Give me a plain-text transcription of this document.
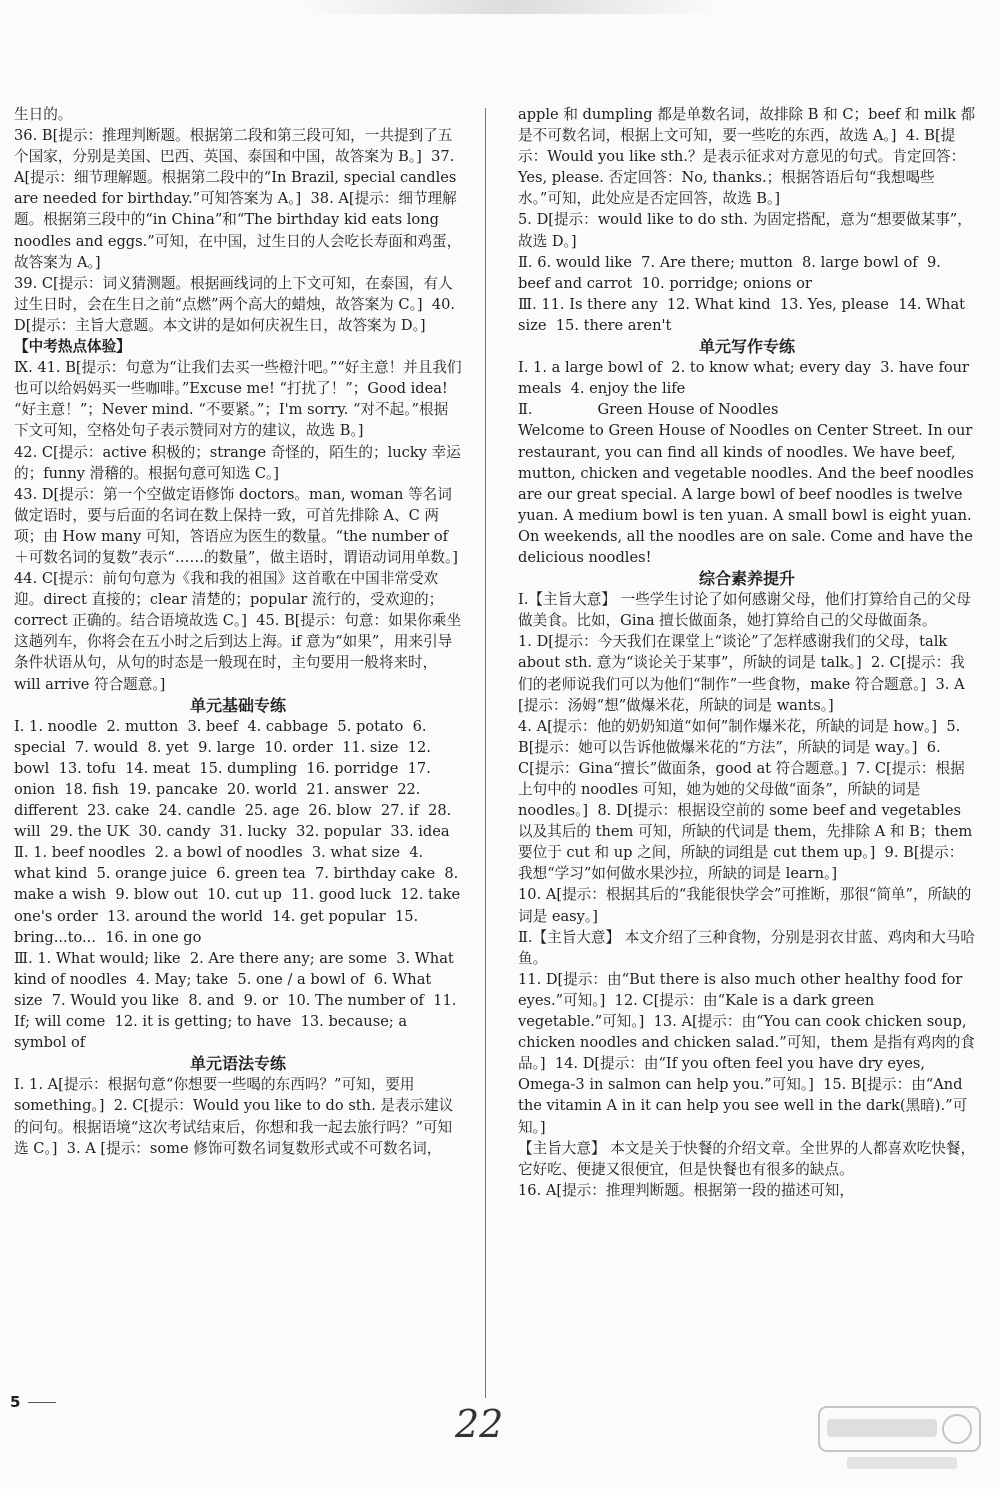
生日的。

36. B[提示：推理判断题。根据第二段和第三段可知，一共提到了五个国家，分别是美国、巴西、英国、泰国和中国，故答案为 B。]  37. A[提示：细节理解题。根据第二段中的“In Brazil, special candles are needed for birthday.”可知答案为 A。]  38. A[提示：细节理解题。根据第三段中的“in China”和“The birthday kid eats long noodles and eggs.”可知，在中国，过生日的人会吃长寿面和鸡蛋，故答案为 A。]

39. C[提示：词义猜测题。根据画线词的上下文可知，在泰国，有人过生日时，会在生日之前“点燃”两个高大的蜡烛，故答案为 C。]  40. D[提示：主旨大意题。本文讲的是如何庆祝生日，故答案为 D。]

【中考热点体验】

Ⅸ. 41. B[提示：句意为“让我们去买一些橙汁吧。”“好主意！并且我们也可以给妈妈买一些咖啡。”Excuse me! “打扰了！”；Good idea! “好主意！”；Never mind. “不要紧。”；I'm sorry. “对不起。”根据下文可知，空格处句子表示赞同对方的建议，故选 B。]

42. C[提示：active 积极的；strange 奇怪的，陌生的；lucky 幸运的；funny 滑稽的。根据句意可知选 C。]

43. D[提示：第一个空做定语修饰 doctors。man, woman 等名词做定语时，要与后面的名词在数上保持一致，可首先排除 A、C 两项；由 How many 可知，答语应为医生的数量。“the number of＋可数名词的复数”表示“……的数量”，做主语时，谓语动词用单数。]  44. C[提示：前句句意为《我和我的祖国》这首歌在中国非常受欢迎。direct 直接的；clear 清楚的；popular 流行的，受欢迎的；correct 正确的。结合语境故选 C。]  45. B[提示：句意：如果你乘坐这趟列车，你将会在五小时之后到达上海。if 意为“如果”，用来引导条件状语从句，从句的时态是一般现在时，主句要用一般将来时，will arrive 符合题意。]

单元基础专练

Ⅰ. 1. noodle  2. mutton  3. beef  4. cabbage  5. potato  6. special  7. would  8. yet  9. large  10. order  11. size  12. bowl  13. tofu  14. meat  15. dumpling  16. porridge  17. onion  18. fish  19. pancake  20. world  21. answer  22. different  23. cake  24. candle  25. age  26. blow  27. if  28. will  29. the UK  30. candy  31. lucky  32. popular  33. idea

Ⅱ. 1. beef noodles  2. a bowl of noodles  3. what size  4. what kind  5. orange juice  6. green tea  7. birthday cake  8. make a wish  9. blow out  10. cut up  11. good luck  12. take one's order  13. around the world  14. get popular  15. bring...to...  16. in one go

Ⅲ. 1. What would; like  2. Are there any; are some  3. What kind of noodles  4. May; take  5. one / a bowl of  6. What size  7. Would you like  8. and  9. or  10. The number of  11. If; will come  12. it is getting; to have  13. because; a symbol of

单元语法专练

Ⅰ. 1. A[提示：根据句意“你想要一些喝的东西吗？”可知，要用 something。]  2. C[提示：Would you like to do sth. 是表示建议的问句。根据语境“这次考试结束后，你想和我一起去旅行吗？”可知选 C。]  3. A [提示：some 修饰可数名词复数形式或不可数名词，

apple 和 dumpling 都是单数名词，故排除 B 和 C；beef 和 milk 都是不可数名词，根据上文可知，要一些吃的东西，故选 A。]  4. B[提示：Would you like sth.？是表示征求对方意见的句式。肯定回答：Yes, please. 否定回答：No, thanks.；根据答语后句“我想喝些水。”可知，此处应是否定回答，故选 B。]

5. D[提示：would like to do sth. 为固定搭配，意为“想要做某事”，故选 D。]

Ⅱ. 6. would like  7. Are there; mutton  8. large bowl of  9. beef and carrot  10. porridge; onions or

Ⅲ. 11. Is there any  12. What kind  13. Yes, please  14. What size  15. there aren't

单元写作专练

Ⅰ. 1. a large bowl of  2. to know what; every day  3. have four meals  4. enjoy the life

Ⅱ.              Green House of Noodles

Welcome to Green House of Noodles on Center Street. In our restaurant, you can find all kinds of noodles. We have beef, mutton, chicken and vegetable noodles. And the beef noodles are our great special. A large bowl of beef noodles is twelve yuan. A medium bowl is ten yuan. A small bowl is eight yuan. On weekends, all the noodles are on sale. Come and have the delicious noodles!

综合素养提升

Ⅰ.【主旨大意】 一些学生讨论了如何感谢父母，他们打算给自己的父母做美食。比如，Gina 擅长做面条，她打算给自己的父母做面条。

1. D[提示：今天我们在课堂上“谈论”了怎样感谢我们的父母，talk about sth. 意为“谈论关于某事”，所缺的词是 talk。]  2. C[提示：我们的老师说我们可以为他们“制作”一些食物，make 符合题意。]  3. A [提示：汤姆“想”做爆米花，所缺的词是 wants。]

4. A[提示：他的奶奶知道“如何”制作爆米花，所缺的词是 how。]  5. B[提示：她可以告诉他做爆米花的“方法”，所缺的词是 way。]  6. C[提示：Gina“擅长”做面条，good at 符合题意。]  7. C[提示：根据上句中的 noodles 可知，她为她的父母做“面条”，所缺的词是 noodles。]  8. D[提示：根据设空前的 some beef and vegetables 以及其后的 them 可知，所缺的代词是 them，先排除 A 和 B；them 要位于 cut 和 up 之间，所缺的词组是 cut them up。]  9. B[提示：我想“学习”如何做水果沙拉，所缺的词是 learn。]

10. A[提示：根据其后的“我能很快学会”可推断，那很“简单”，所缺的词是 easy。]

Ⅱ.【主旨大意】 本文介绍了三种食物，分别是羽衣甘蓝、鸡肉和大马哈鱼。

11. D[提示：由“But there is also much other healthy food for eyes.”可知。]  12. C[提示：由“Kale is a dark green vegetable.”可知。]  13. A[提示：由“You can cook chicken soup, chicken noodles and chicken salad.”可知，them 是指有鸡肉的食品。]  14. D[提示：由“If you often feel you have dry eyes, Omega-3 in salmon can help you.”可知。]  15. B[提示：由“And the vitamin A in it can help you see well in the dark(黑暗).”可知。]

【主旨大意】 本文是关于快餐的介绍文章。全世界的人都喜欢吃快餐，它好吃、便捷又很便宜，但是快餐也有很多的缺点。

16. A[提示：推理判断题。根据第一段的描述可知，

5	22
